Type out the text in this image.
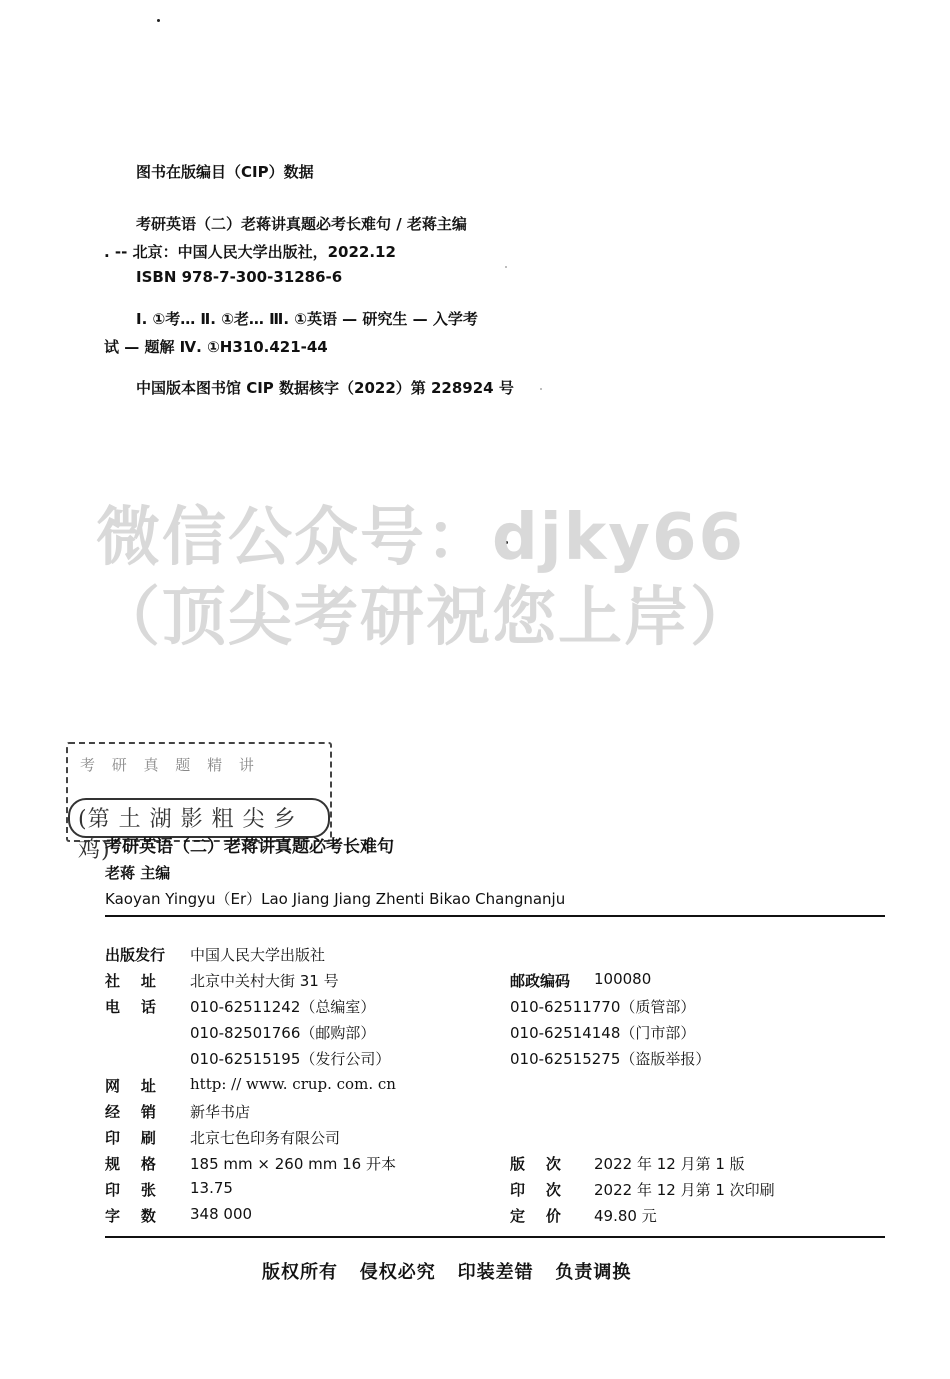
图书在版编目（CIP）数据
考研英语（二）老蒋讲真题必考长难句 / 老蒋主编
. -- 北京：中国人民大学出版社，2022.12
ISBN 978-7-300-31286-6
Ⅰ. ①考… Ⅱ. ①老… Ⅲ. ①英语 — 研究生 — 入学考
试 — 题解 Ⅳ. ①H310.421-44
中国版本图书馆 CIP 数据核字（2022）第 228924 号
微信公众号：djky66
（顶尖考研祝您上岸）
考 研 真 题 精 讲
(第 土 湖 影 粗 尖 乡 鸡)
考研英语（二）老蒋讲真题必考长难句
老蒋 主编
Kaoyan Yingyu（Er）Lao Jiang Jiang Zhenti Bikao Changnanju
出版发行 中国人民大学出版社
社    址 北京中关村大街 31 号	邮政编码 100080
电    话 010-62511242（总编室）	010-62511770（质管部）
010-82501766（邮购部）	010-62514148（门市部）
010-62515195（发行公司）	010-62515275（盗版举报）
网    址 http: // www. crup. com. cn
经    销 新华书店
印    刷 北京七色印务有限公司
规    格 185 mm × 260 mm 16 开本	版    次 2022 年 12 月第 1 版
印    张 13.75	印    次 2022 年 12 月第 1 次印刷
字    数 348 000	定    价 49.80 元
版权所有   侵权必究   印装差错   负责调换
